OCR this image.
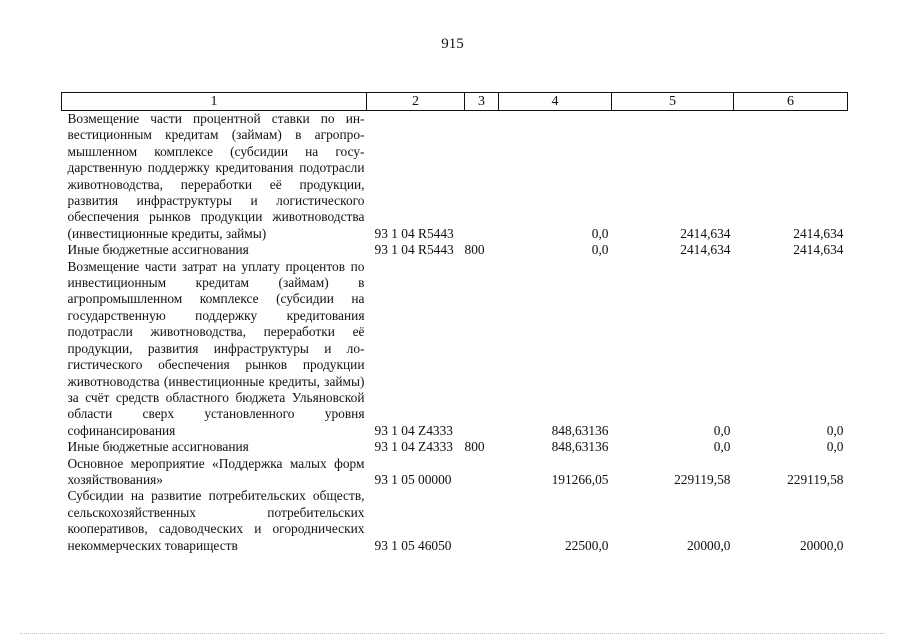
915
1	2	3	4	5	6
Возмещение части процентной ставки по инвестиционным кредитам (займам) в агропромышленном комплексе (субсидии на государственную поддержку кредитования подотрасли животноводства, переработки её продукции, развития инфраструктуры и логистического обеспечения рынков продукции животноводства (инвестиционные кредиты, займы)	93 1 04 R5443		0,0	2414,634	2414,634
Иные бюджетные ассигнования	93 1 04 R5443	800	0,0	2414,634	2414,634
Возмещение части затрат на уплату процентов по инвестиционным кредитам (займам) в агропромышленном комплексе (субсидии на государственную поддержку кредитования подотрасли животноводства, переработки её продукции, развития инфраструктуры и логистического обеспечения рынков продукции животноводства (инвестиционные кредиты, займы) за счёт средств областного бюджета Ульяновской области сверх установленного уровня софинансирования	93 1 04 Z4333		848,63136	0,0	0,0
Иные бюджетные ассигнования	93 1 04 Z4333	800	848,63136	0,0	0,0
Основное мероприятие «Поддержка малых форм хозяйствования»	93 1 05 00000		191266,05	229119,58	229119,58
Субсидии на развитие потребительских обществ, сельскохозяйственных потребительских кооперативов, садоводческих и огороднических некоммерческих товариществ	93 1 05 46050		22500,0	20000,0	20000,0
